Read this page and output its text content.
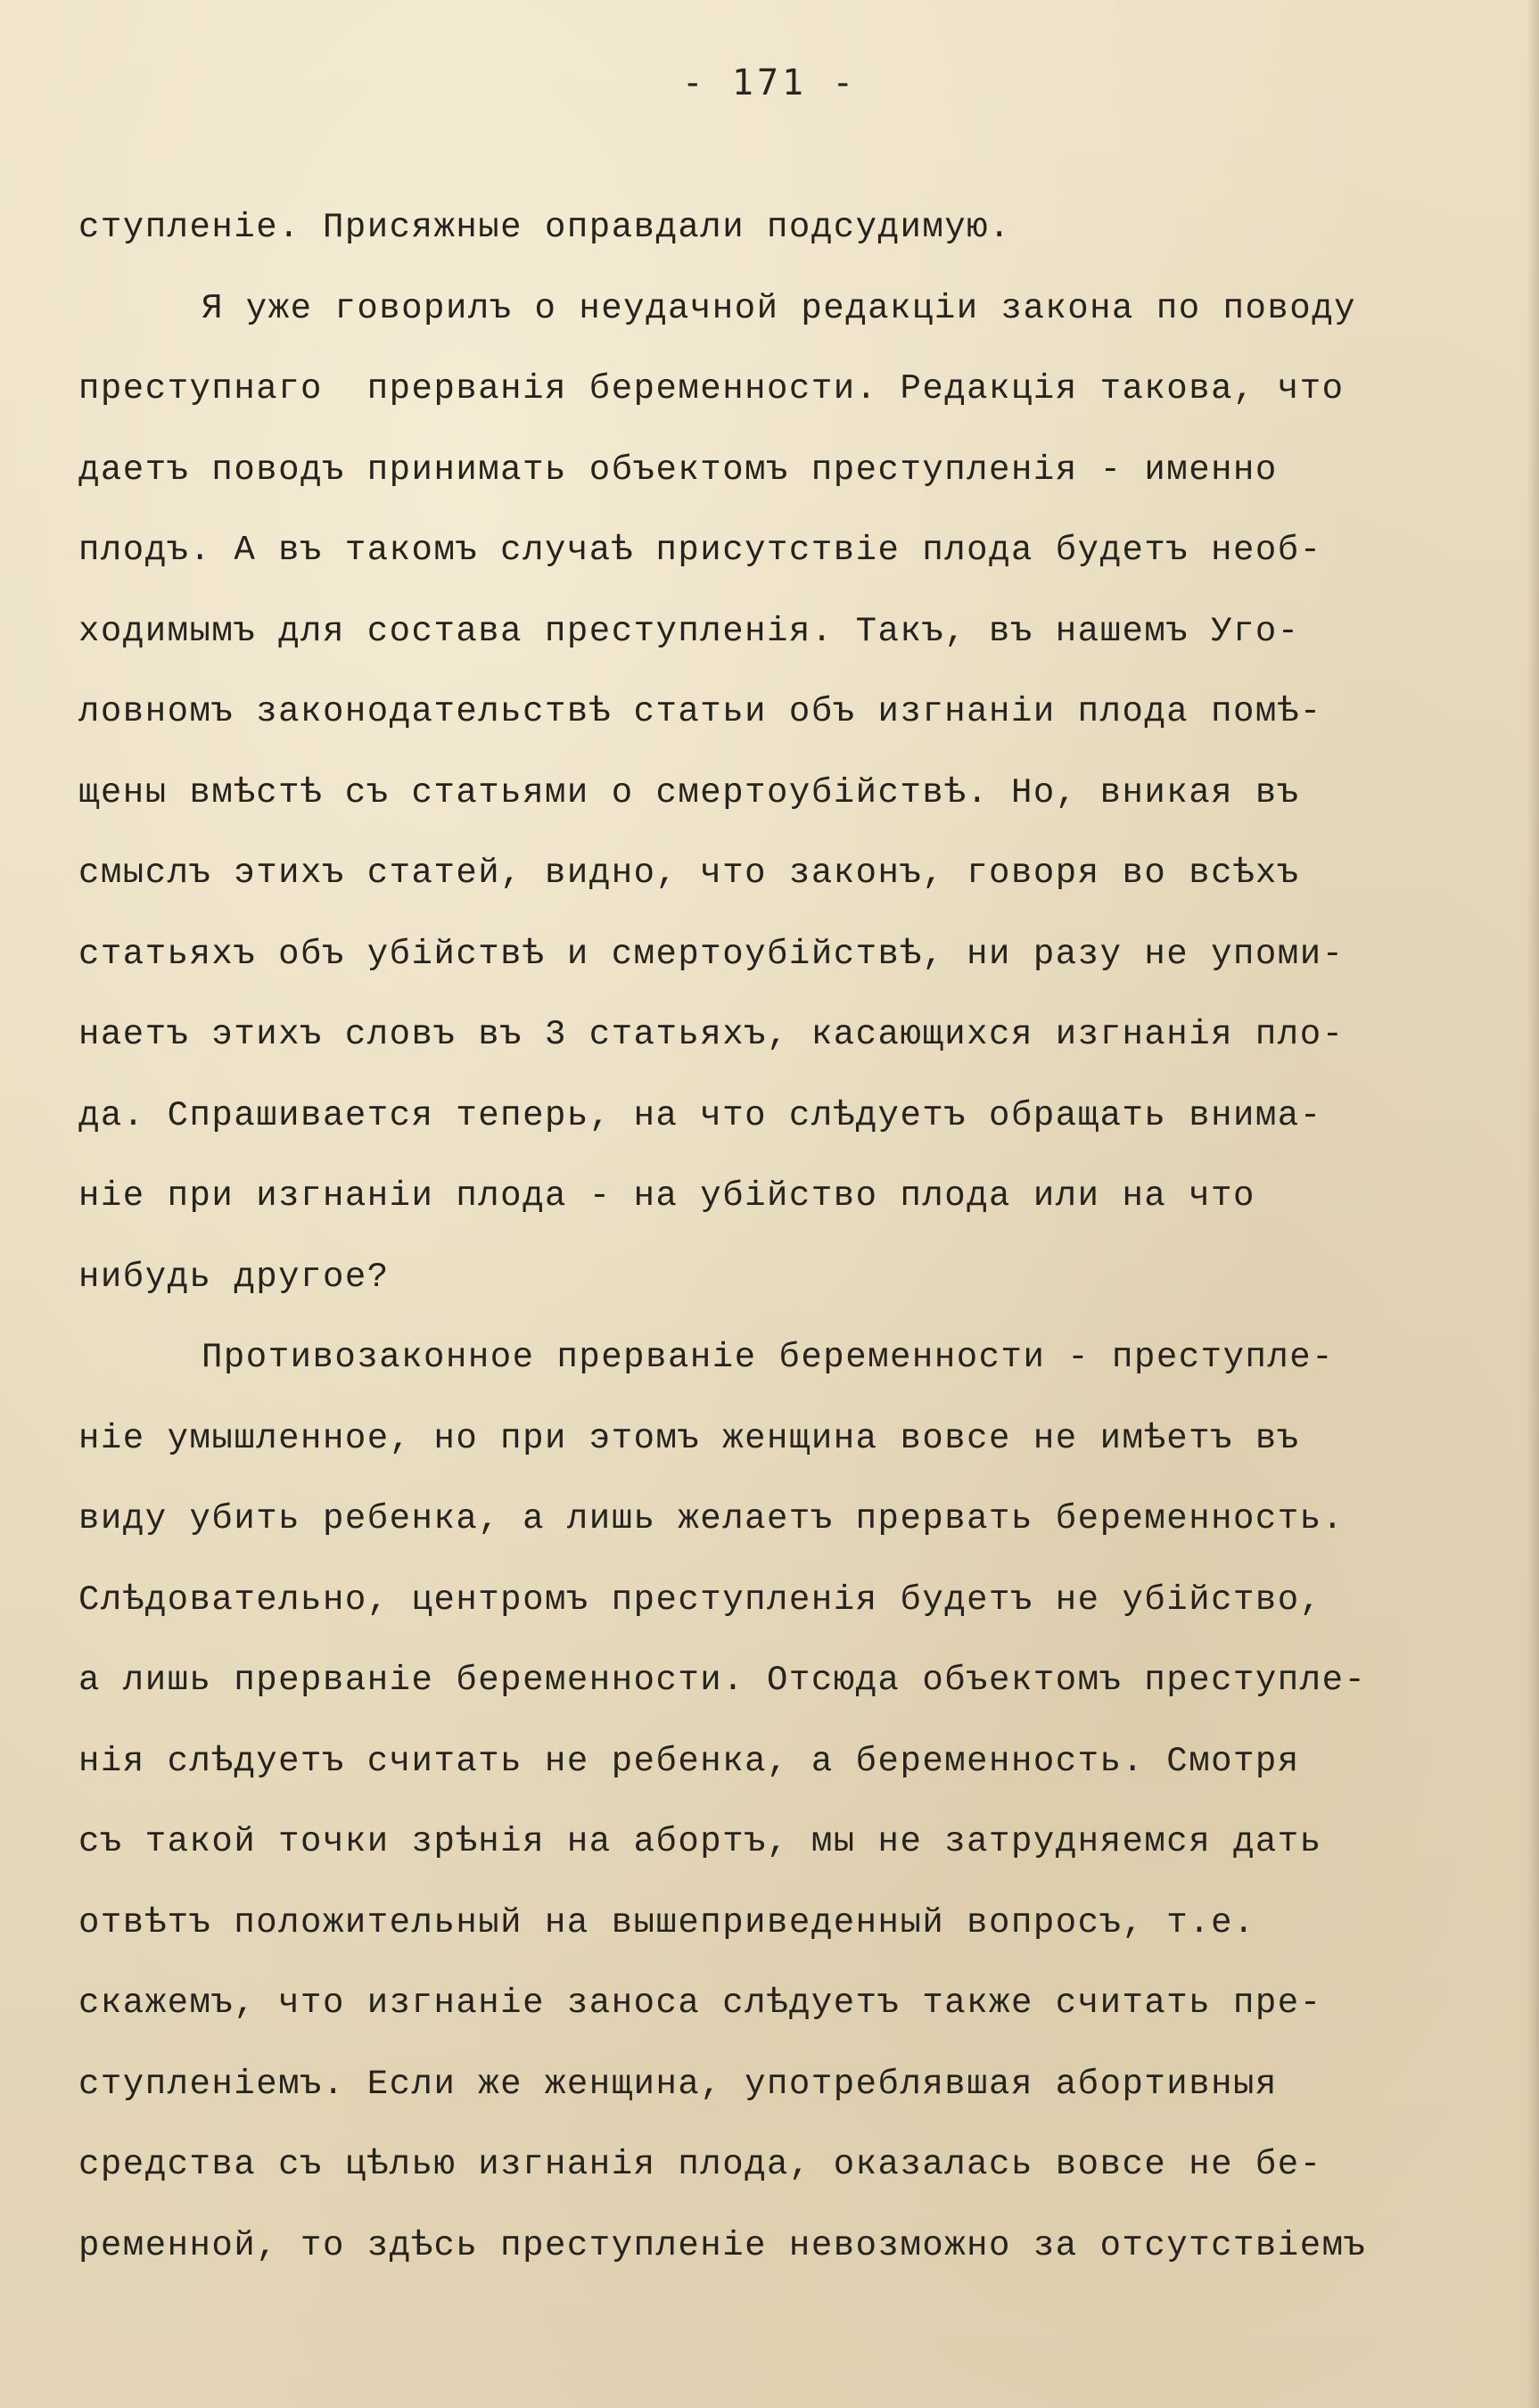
- 171 -
ступленіе. Присяжные оправдали подсудимую.
Я уже говорилъ о неудачной редакціи закона по поводу
преступнаго  прерванія беременности. Редакція такова, что
даетъ поводъ принимать объектомъ преступленія - именно
плодъ. А въ такомъ случаѣ присутствіе плода будетъ необ-
ходимымъ для состава преступленія. Такъ, въ нашемъ Уго-
ловномъ законодательствѣ статьи объ изгнаніи плода помѣ-
щены вмѣстѣ съ статьями о смертоубійствѣ. Но, вникая въ
смыслъ этихъ статей, видно, что законъ, говоря во всѣхъ
статьяхъ объ убійствѣ и смертоубійствѣ, ни разу не упоми-
наетъ этихъ словъ въ 3 статьяхъ, касающихся изгнанія пло-
да. Спрашивается теперь, на что слѣдуетъ обращать внима-
ніе при изгнаніи плода - на убійство плода или на что
нибудь другое?
Противозаконное прерваніе беременности - преступле-
ніе умышленное, но при этомъ женщина вовсе не имѣетъ въ
виду убить ребенка, а лишь желаетъ прервать беременность.
Слѣдовательно, центромъ преступленія будетъ не убійство,
а лишь прерваніе беременности. Отсюда объектомъ преступле-
нія слѣдуетъ считать не ребенка, а беременность. Смотря
съ такой точки зрѣнія на абортъ, мы не затрудняемся дать
отвѣтъ положительный на вышеприведенный вопросъ, т.е.
скажемъ, что изгнаніе заноса слѣдуетъ также считать пре-
ступленіемъ. Если же женщина, употреблявшая абортивныя
средства съ цѣлью изгнанія плода, оказалась вовсе не бе-
ременной, то здѣсь преступленіе невозможно за отсутствіемъ
